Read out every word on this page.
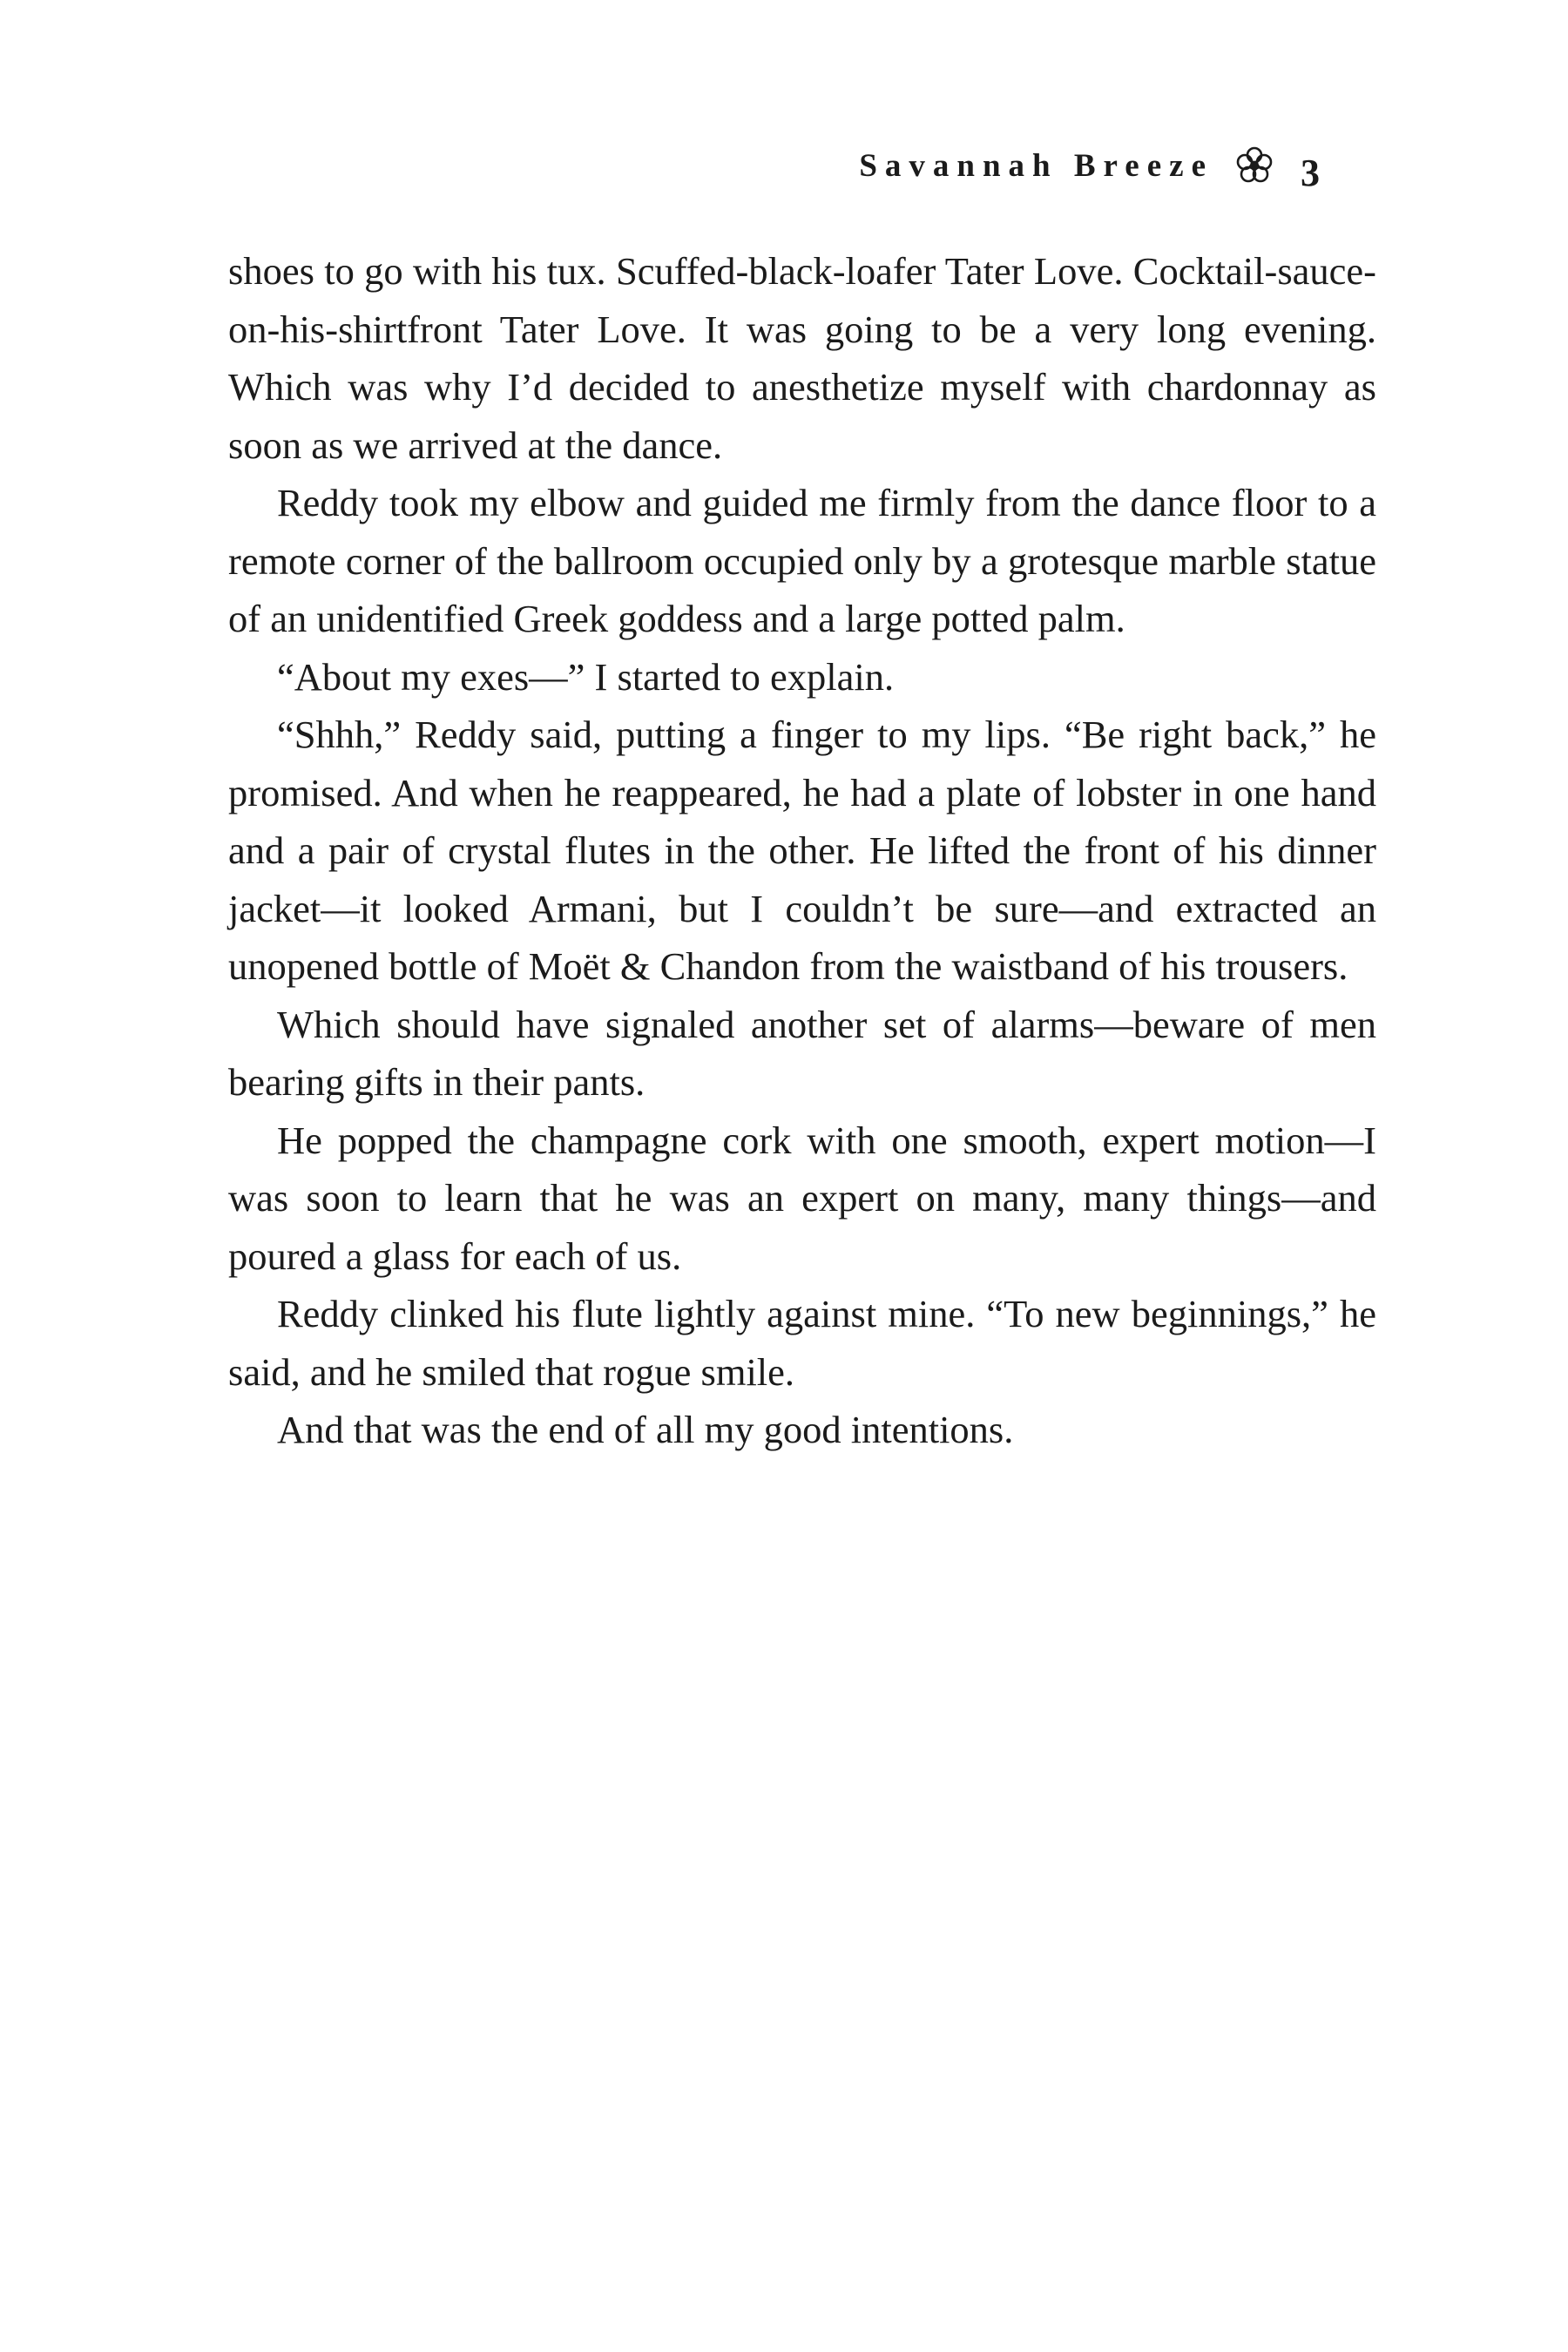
Savannah Breeze 3

shoes to go with his tux. Scuffed-black-loafer Tater Love. Cocktail-sauce-on-his-shirtfront Tater Love. It was going to be a very long evening. Which was why I’d decided to anesthetize myself with chardonnay as soon as we arrived at the dance.

Reddy took my elbow and guided me firmly from the dance floor to a remote corner of the ballroom occupied only by a grotesque marble statue of an unidentified Greek goddess and a large potted palm.

“About my exes—” I started to explain.

“Shhh,” Reddy said, putting a finger to my lips. “Be right back,” he promised. And when he reappeared, he had a plate of lobster in one hand and a pair of crystal flutes in the other. He lifted the front of his dinner jacket—it looked Armani, but I couldn’t be sure—and extracted an unopened bottle of Moët & Chandon from the waistband of his trousers.

Which should have signaled another set of alarms—beware of men bearing gifts in their pants.

He popped the champagne cork with one smooth, expert motion—I was soon to learn that he was an expert on many, many things—and poured a glass for each of us.

Reddy clinked his flute lightly against mine. “To new beginnings,” he said, and he smiled that rogue smile.

And that was the end of all my good intentions.
